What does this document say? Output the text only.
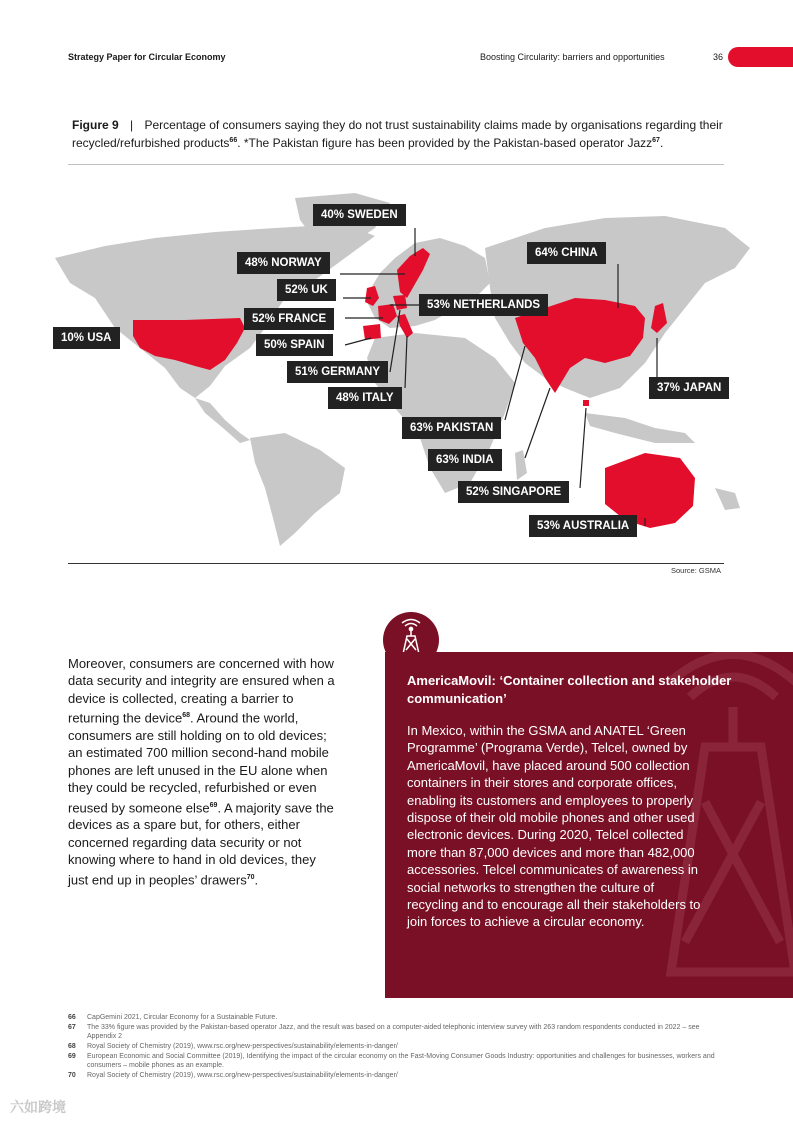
Strategy Paper for Circular Economy	Boosting Circularity: barriers and opportunities	36
Figure 9 | Percentage of consumers saying they do not trust sustainability claims made by organisations regarding their recycled/refurbished products$^{66}$. *The Pakistan figure has been provided by the Pakistan-based operator Jazz$^{67}$.
40% SWEDEN
48% NORWAY
64% CHINA
52% UK
53% NETHERLANDS
52% FRANCE
10% USA
50% SPAIN
51% GERMANY
37% JAPAN
48% ITALY
63% PAKISTAN
63% INDIA
52% SINGAPORE
53% AUSTRALIA
Source: GSMA
Moreover, consumers are concerned with how data security and integrity are ensured when a device is collected, creating a barrier to returning the device$^{68}$. Around the world, consumers are still holding on to old devices; an estimated 700 million second-hand mobile phones are left unused in the EU alone when they could be recycled, refurbished or even reused by someone else$^{69}$. A majority save the devices as a spare but, for others, either concerned regarding data security or not knowing where to hand in old devices, they just end up in peoples’ drawers$^{70}$.
AmericaMovil: ‘Container collection and stakeholder communication’
In Mexico, within the GSMA and ANATEL ‘Green Programme’ (Programa Verde), Telcel, owned by AmericaMovil, have placed around 500 collection containers in their stores and corporate offices, enabling its customers and employees to properly dispose of their old mobile phones and other used electronic devices. During 2020, Telcel collected more than 87,000 devices and more than 482,000 accessories. Telcel communicates of awareness in social networks to strengthen the culture of recycling and to encourage all their stakeholders to join forces to achieve a circular economy.
66 CapGemini 2021, Circular Economy for a Sustainable Future.
67 The 33% figure was provided by the Pakistan-based operator Jazz, and the result was based on a computer-aided telephonic interview survey with 263 random respondents conducted in 2022 – see Appendix 2
68 Royal Society of Chemistry (2019), www.rsc.org/new-perspectives/sustainability/elements-in-danger/
69 European Economic and Social Committee (2019), Identifying the impact of the circular economy on the Fast-Moving Consumer Goods Industry: opportunities and challenges for businesses, workers and consumers – mobile phones as an example.
70 Royal Society of Chemistry (2019), www.rsc.org/new-perspectives/sustainability/elements-in-danger/
六如跨境
